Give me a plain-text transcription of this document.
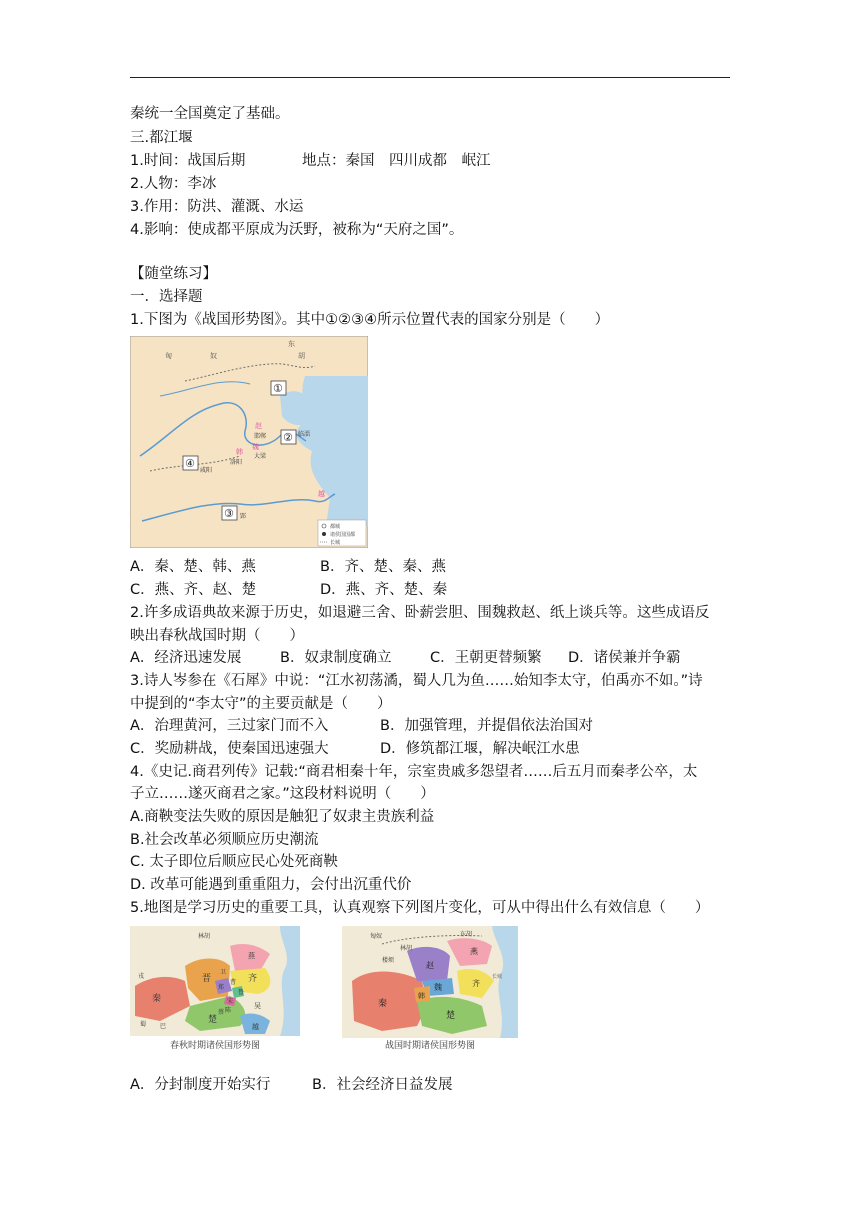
秦统一全国奠定了基础。
三.都江堰
1.时间：战国后期	地点：秦国　四川成都　岷江
2.人物：李冰
3.作用：防洪、灌溉、水运
4.影响：使成都平原成为沃野，被称为“天府之国”。
【随堂练习】
一．选择题
1.下图为《战国形势图》。其中①②③④所示位置代表的国家分别是（　　）
匈	奴
东
胡
赵
邯郸	临淄
洛阳
大梁
咸阳
韩
魏
越
郢
①
②
③
④
都城
诸侯国国都
长城
A．秦、楚、韩、燕	B．齐、楚、秦、燕
C．燕、齐、赵、楚	D．燕、齐、楚、秦
2.许多成语典故来源于历史，如退避三舍、卧薪尝胆、围魏救赵、纸上谈兵等。这些成语反
映出春秋战国时期（　　）
A．经济迅速发展	B．奴隶制度确立	C．王朝更替频繁 D．诸侯兼并争霸
3.诗人岑参在《石犀》中说：“江水初荡潏，蜀人几为鱼……始知李太守，伯禹亦不如。”诗
中提到的“李太守”的主要贡献是（　　）
A．治理黄河，三过家门而不入	B．加强管理，并提倡依法治国对
C．奖励耕战，使秦国迅速强大	D．修筑都江堰，解决岷江水患
4.《史记.商君列传》记载:“商君相秦十年，宗室贵戚多怨望者……后五月而秦孝公卒，太
子立……遂灭商君之家。”这段材料说明（　　）
A.商鞅变法失败的原因是触犯了奴隶主贵族利益
B.社会改革必须顺应历史潮流
C. 太子即位后顺应民心处死商鞅
D. 改革可能遇到重重阻力，会付出沉重代价
5.地图是学习历史的重要工具，认真观察下列图片变化，可从中得出什么有效信息（　　）
林胡
燕
齐
晋
秦
楚
越
吴
鲁
戎
宋
郑
卫
曹
陈
蔡
巴
蜀
春秋时期诸侯国形势图
匈奴	东胡
林胡
楼烦
赵
燕
齐
魏
韩
秦
楚
长城
战国时期诸侯国形势图
A．分封制度开始实行	B．社会经济日益发展
